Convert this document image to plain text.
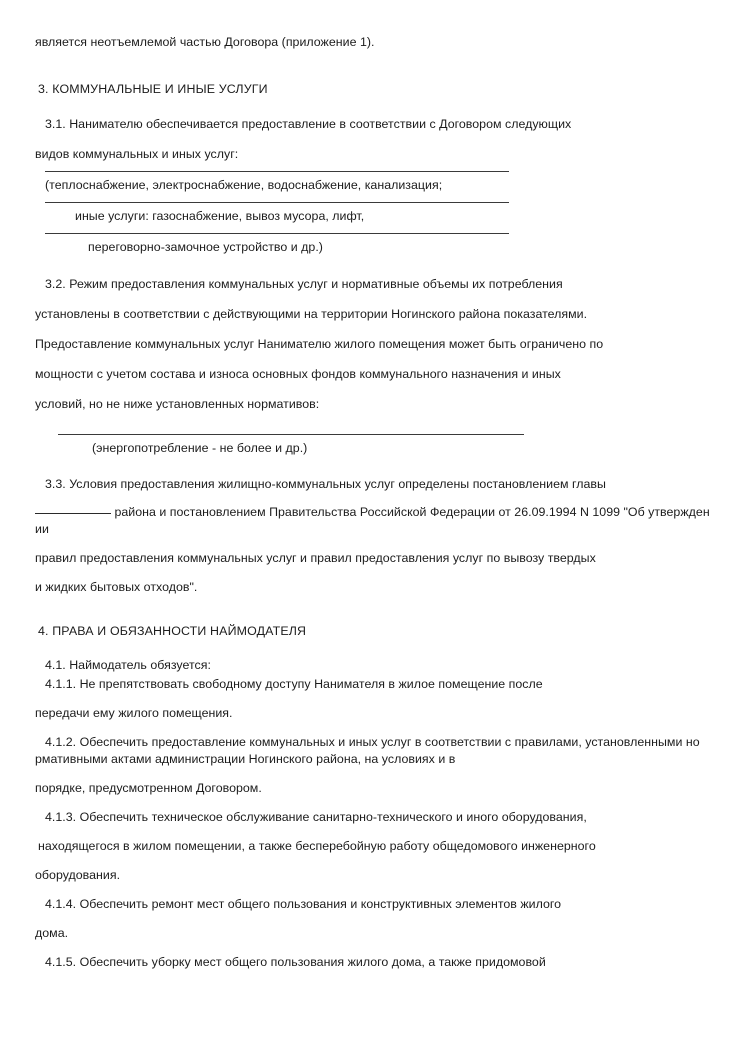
является неотъемлемой частью Договора (приложение 1).
3. КОММУНАЛЬНЫЕ И ИНЫЕ УСЛУГИ
3.1. Нанимателю обеспечивается предоставление в соответствии с Договором следующих
видов коммунальных и иных услуг:
(теплоснабжение, электроснабжение, водоснабжение, канализация;
иные услуги: газоснабжение, вывоз мусора, лифт,
переговорно-замочное устройство и др.)
3.2. Режим предоставления коммунальных услуг и нормативные объемы их потребления
установлены в соответствии с действующими на территории Ногинского района показателями.
Предоставление коммунальных услуг Нанимателю жилого помещения может быть ограничено по
мощности с учетом состава и износа основных фондов коммунального назначения и иных
условий, но не ниже установленных нормативов:
(энергопотребление - не более и др.)
3.3. Условия предоставления жилищно-коммунальных услуг определены постановлением главы
района и постановлением Правительства Российской Федерации от 26.09.1994 N 1099 "Об утвержден
ии
правил предоставления коммунальных услуг и правил предоставления услуг по вывозу твердых
и жидких бытовых отходов".
4. ПРАВА И ОБЯЗАННОСТИ НАЙМОДАТЕЛЯ
4.1. Наймодатель обязуется:
4.1.1. Не препятствовать свободному доступу Нанимателя в жилое помещение после
передачи ему жилого помещения.
4.1.2. Обеспечить предоставление коммунальных и иных услуг в соответствии с правилами, установленными но
рмативными актами администрации Ногинского района, на условиях и в
порядке, предусмотренном Договором.
4.1.3. Обеспечить техническое обслуживание санитарно-технического и иного оборудования,
находящегося в жилом помещении, а также бесперебойную работу общедомового инженерного
оборудования.
4.1.4. Обеспечить ремонт мест общего пользования и конструктивных элементов жилого
дома.
4.1.5. Обеспечить уборку мест общего пользования жилого дома, а также придомовой
